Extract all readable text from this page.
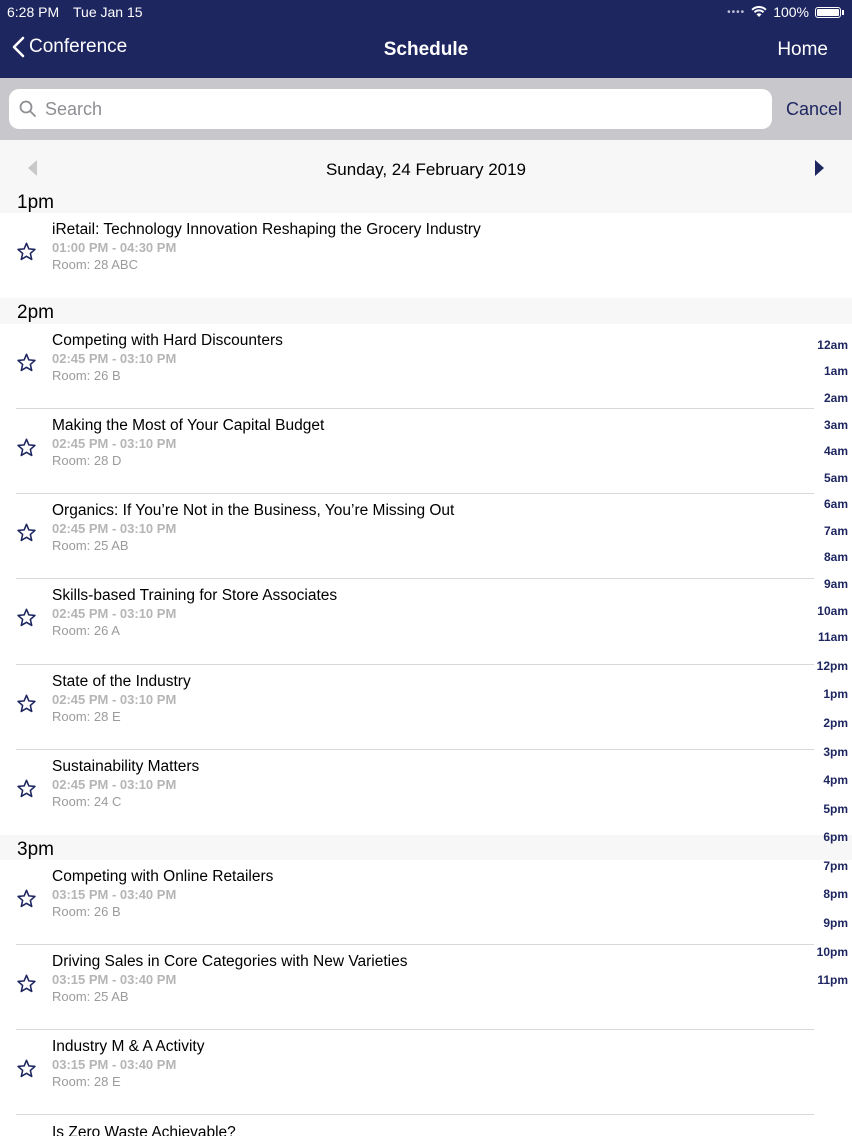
6:28 PM Tue Jan 15	•••• 100%
Conference	Schedule	Home
Search
Cancel
Sunday, 24 February 2019
1pm
iRetail: Technology Innovation Reshaping the Grocery Industry
01:00 PM - 04:30 PM
Room: 28 ABC
2pm
Competing with Hard Discounters
02:45 PM - 03:10 PM
Room: 26 B
Making the Most of Your Capital Budget
02:45 PM - 03:10 PM
Room: 28 D
Organics: If You’re Not in the Business, You’re Missing Out
02:45 PM - 03:10 PM
Room: 25 AB
Skills-based Training for Store Associates
02:45 PM - 03:10 PM
Room: 26 A
State of the Industry
02:45 PM - 03:10 PM
Room: 28 E
Sustainability Matters
02:45 PM - 03:10 PM
Room: 24 C
3pm
Competing with Online Retailers
03:15 PM - 03:40 PM
Room: 26 B
Driving Sales in Core Categories with New Varieties
03:15 PM - 03:40 PM
Room: 25 AB
Industry M & A Activity
03:15 PM - 03:40 PM
Room: 28 E
Is Zero Waste Achievable?
12am
1am
2am
3am
4am
5am
6am
7am
8am
9am
10am
11am
12pm
1pm
2pm
3pm
4pm
5pm
6pm
7pm
8pm
9pm
10pm
11pm
